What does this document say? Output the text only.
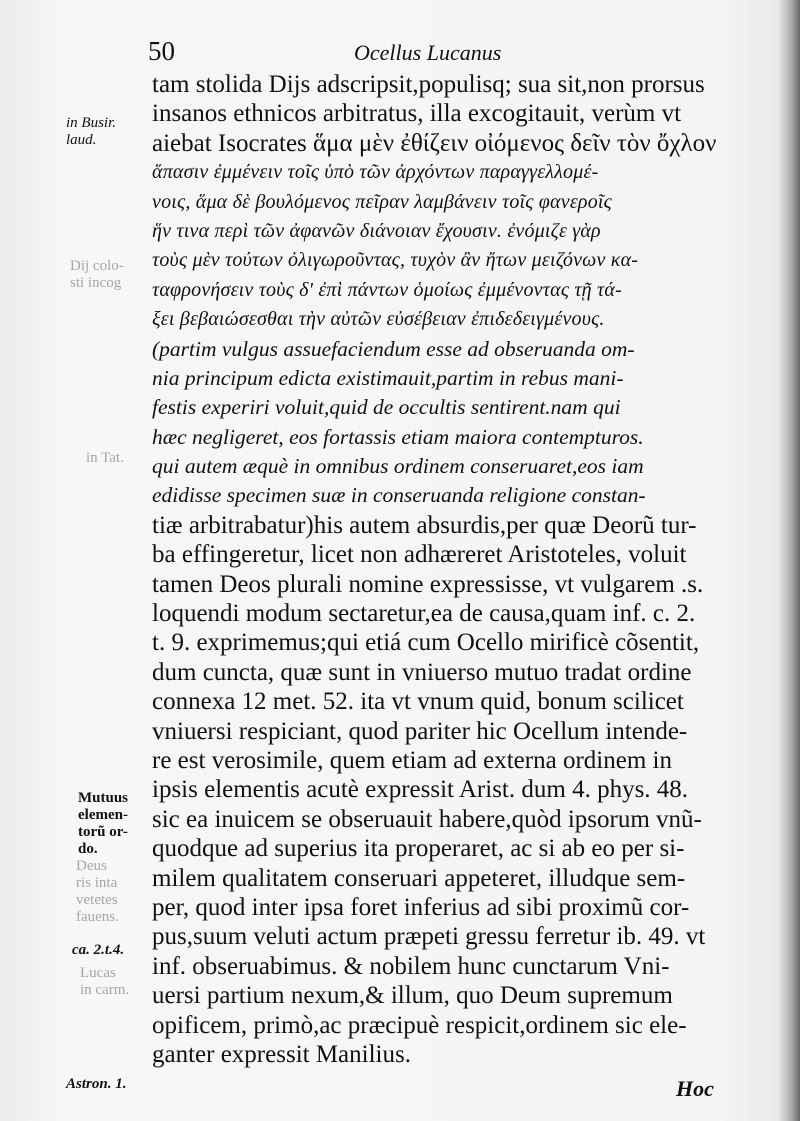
50	Ocellus Lucanus
tam stolida Dijs adscripsit,populisq; sua sit,non prorsus
insanos ethnicos arbitratus, illa excogitauit, verùm vt
aiebat Isocrates ἅμα μὲν ἐθίζειν οἰόμενος δεῖν τὸν ὄχλον
ἅπασιν ἐμμένειν τοῖς ὑπὸ τῶν ἀρχόντων παραγγελλομέ-
νοις, ἅμα δὲ βουλόμενος πεῖραν λαμβάνειν τοῖς φανεροῖς
ἥν τινα περὶ τῶν ἀφανῶν διάνοιαν ἔχουσιν. ἐνόμιζε γὰρ
τοὺς μὲν τούτων ὀλιγωροῦντας, τυχὸν ἂν ἤτων μειζόνων κα-
ταφρονήσειν τοὺς δ' ἐπὶ πάντων ὁμοίως ἐμμένοντας τῇ τά-
ξει βεβαιώσεσθαι τὴν αὐτῶν εὐσέβειαν ἐπιδεδειγμένους.
(partim vulgus assuefaciendum esse ad obseruanda om-
nia principum edicta existimauit,partim in rebus mani-
festis experiri voluit,quid de occultis sentirent.nam qui
hæc negligeret, eos fortassis etiam maiora contempturos.
qui autem æquè in omnibus ordinem conseruaret,eos iam
edidisse specimen suæ in conseruanda religione constan-
tiæ arbitrabatur)his autem absurdis,per quæ Deorũ tur-
ba effingeretur, licet non adhæreret Aristoteles, voluit
tamen Deos plurali nomine expressisse, vt vulgarem .s.
loquendi modum sectaretur,ea de causa,quam inf. c. 2.
t. 9. exprimemus;qui etiá cum Ocello mirificè cõsentit,
dum cuncta, quæ sunt in vniuerso mutuo tradat ordine
connexa 12 met. 52. ita vt vnum quid, bonum scilicet
vniuersi respiciant, quod pariter hic Ocellum intende-
re est verosimile, quem etiam ad externa ordinem in
ipsis elementis acutè expressit Arist. dum 4. phys. 48.
sic ea inuicem se obseruauit habere,quòd ipsorum vnũ-
quodque ad superius ita properaret, ac si ab eo per si-
milem qualitatem conseruari appeteret, illudque sem-
per, quod inter ipsa foret inferius ad sibi proximũ cor-
pus,suum veluti actum præpeti gressu ferretur ib. 49. vt
inf. obseruabimus. & nobilem hunc cunctarum Vni-
uersi partium nexum,& illum, quo Deum supremum
opificem, primò,ac præcipuè respicit,ordinem sic ele-
ganter expressit Manilius.
in Busir.
laud.
Dij colo-
sti incog
in Tat.
Mutuus
elemen-
torũ or-
do.
Deus
ris inta
vetetes
fauens.
ca. 2.t.4.
Lucas
in carm.
Astron. 1.	Hoc
